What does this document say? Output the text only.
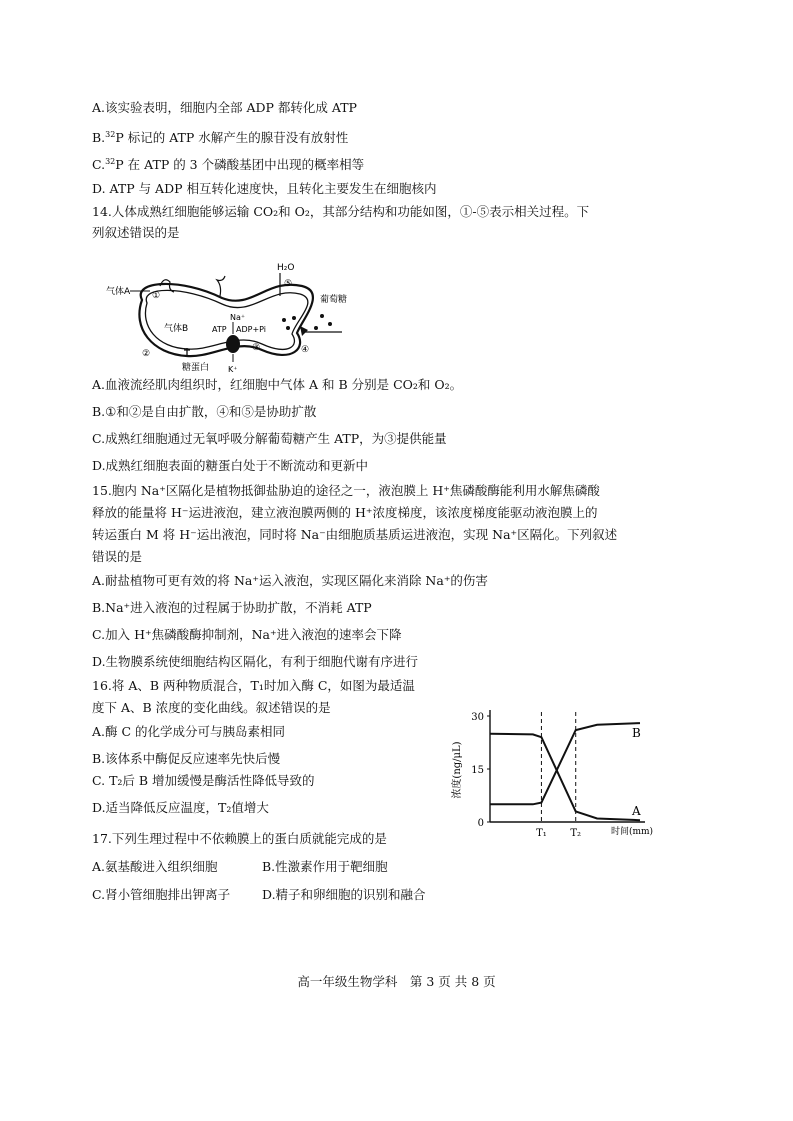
A.该实验表明，细胞内全部 ADP 都转化成 ATP
B.$^{32}$P 标记的 ATP 水解产生的腺苷没有放射性
C.$^{32}$P 在 ATP 的 3 个磷酸基团中出现的概率相等
D. ATP 与 ADP 相互转化速度快，且转化主要发生在细胞核内
14.人体成熟红细胞能够运输 CO₂和 O₂，其部分结构和功能如图，①-⑤表示相关过程。下
列叙述错误的是
气体A ①
气体B
②
糖蛋白
H₂O
⑤
葡萄糖
④
Na⁺
ATP ADP+Pi
③
K⁺
A.血液流经肌肉组织时，红细胞中气体 A 和 B 分别是 CO₂和 O₂。
B.①和②是自由扩散，④和⑤是协助扩散
C.成熟红细胞通过无氧呼吸分解葡萄糖产生 ATP，为③提供能量
D.成熟红细胞表面的糖蛋白处于不断流动和更新中
15.胞内 Na⁺区隔化是植物抵御盐胁迫的途径之一，液泡膜上 H⁺焦磷酸酶能利用水解焦磷酸
释放的能量将 H⁻运进液泡，建立液泡膜两侧的 H⁺浓度梯度，该浓度梯度能驱动液泡膜上的
转运蛋白 M 将 H⁻运出液泡，同时将 Na⁻由细胞质基质运进液泡，实现 Na⁺区隔化。下列叙述
错误的是
A.耐盐植物可更有效的将 Na⁺运入液泡，实现区隔化来消除 Na⁺的伤害
B.Na⁺进入液泡的过程属于协助扩散，不消耗 ATP
C.加入 H⁺焦磷酸酶抑制剂，Na⁺进入液泡的速率会下降
D.生物膜系统使细胞结构区隔化，有利于细胞代谢有序进行
16.将 A、B 两种物质混合，T₁时加入酶 C，如图为最适温
度下 A、B 浓度的变化曲线。叙述错误的是
A.酶 C 的化学成分可与胰岛素相同
B.该体系中酶促反应速率先快后慢
C. T₂后 B 增加缓慢是酶活性降低导致的
D.适当降低反应温度，T₂值增大
浓度(ng/μL)
时间(mm)
30
15
0
T₁ T₂
A
B
17.下列生理过程中不依赖膜上的蛋白质就能完成的是
A.氨基酸进入组织细胞	B.性激素作用于靶细胞
C.肾小管细胞排出钾离子	D.精子和卵细胞的识别和融合
高一年级生物学科　第 3 页 共 8 页
